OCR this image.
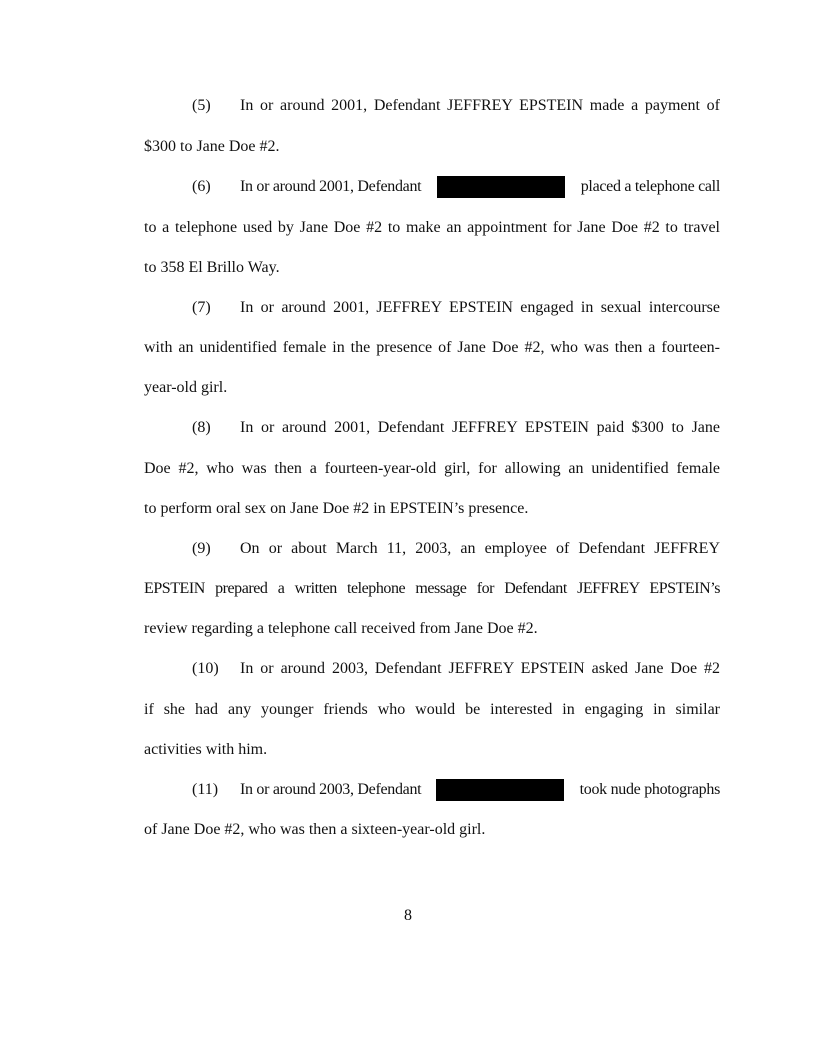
(5)	In or around 2001, Defendant JEFFREY EPSTEIN made a payment of
$300 to Jane Doe #2.
(6)	In or around 2001, Defendant	placed a telephone call
to a telephone used by Jane Doe #2 to make an appointment for Jane Doe #2 to travel
to 358 El Brillo Way.
(7)	In or around 2001, JEFFREY EPSTEIN engaged in sexual intercourse
with an unidentified female in the presence of Jane Doe #2, who was then a fourteen-
year-old girl.
(8)	In or around 2001, Defendant JEFFREY EPSTEIN paid $300 to Jane
Doe #2, who was then a fourteen-year-old girl, for allowing an unidentified female
to perform oral sex on Jane Doe #2 in EPSTEIN’s presence.
(9)	On or about March 11, 2003, an employee of Defendant JEFFREY
EPSTEIN prepared a written telephone message for Defendant JEFFREY EPSTEIN’s
review regarding a telephone call received from Jane Doe #2.
(10)	In or around 2003, Defendant JEFFREY EPSTEIN asked Jane Doe #2
if she had any younger friends who would be interested in engaging in similar
activities with him.
(11)	In or around 2003, Defendant	took nude photographs
of Jane Doe #2, who was then a sixteen-year-old girl.
8
